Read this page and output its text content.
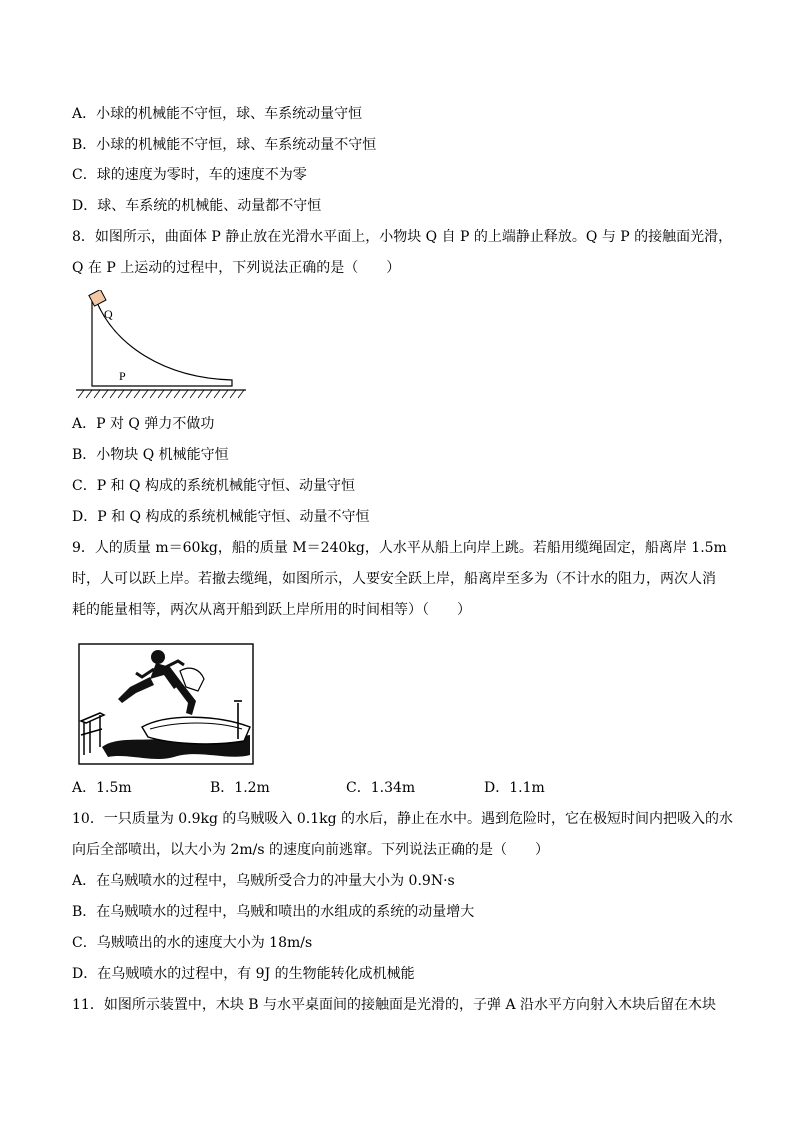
A．小球的机械能不守恒，球、车系统动量守恒
B．小球的机械能不守恒，球、车系统动量不守恒
C．球的速度为零时，车的速度不为零
D．球、车系统的机械能、动量都不守恒
8．如图所示，曲面体 P 静止放在光滑水平面上，小物块 Q 自 P 的上端静止释放。Q 与 P 的接触面光滑，
Q 在 P 上运动的过程中，下列说法正确的是（　　）
Q
P
A．P 对 Q 弹力不做功
B．小物块 Q 机械能守恒
C．P 和 Q 构成的系统机械能守恒、动量守恒
D．P 和 Q 构成的系统机械能守恒、动量不守恒
9．人的质量 m＝60kg，船的质量 M＝240kg，人水平从船上向岸上跳。若船用缆绳固定，船离岸 1.5m
时，人可以跃上岸。若撤去缆绳，如图所示，人要安全跃上岸，船离岸至多为（不计水的阻力，两次人消
耗的能量相等，两次从离开船到跃上岸所用的时间相等）（　　）
A．1.5m	B．1.2m	C．1.34m	D．1.1m
10．一只质量为 0.9kg 的乌贼吸入 0.1kg 的水后，静止在水中。遇到危险时，它在极短时间内把吸入的水
向后全部喷出，以大小为 2m/s 的速度向前逃窜。下列说法正确的是（　　）
A．在乌贼喷水的过程中，乌贼所受合力的冲量大小为 0.9N·s
B．在乌贼喷水的过程中，乌贼和喷出的水组成的系统的动量增大
C．乌贼喷出的水的速度大小为 18m/s
D．在乌贼喷水的过程中，有 9J 的生物能转化成机械能
11．如图所示装置中，木块 B 与水平桌面间的接触面是光滑的，子弹 A 沿水平方向射入木块后留在木块
